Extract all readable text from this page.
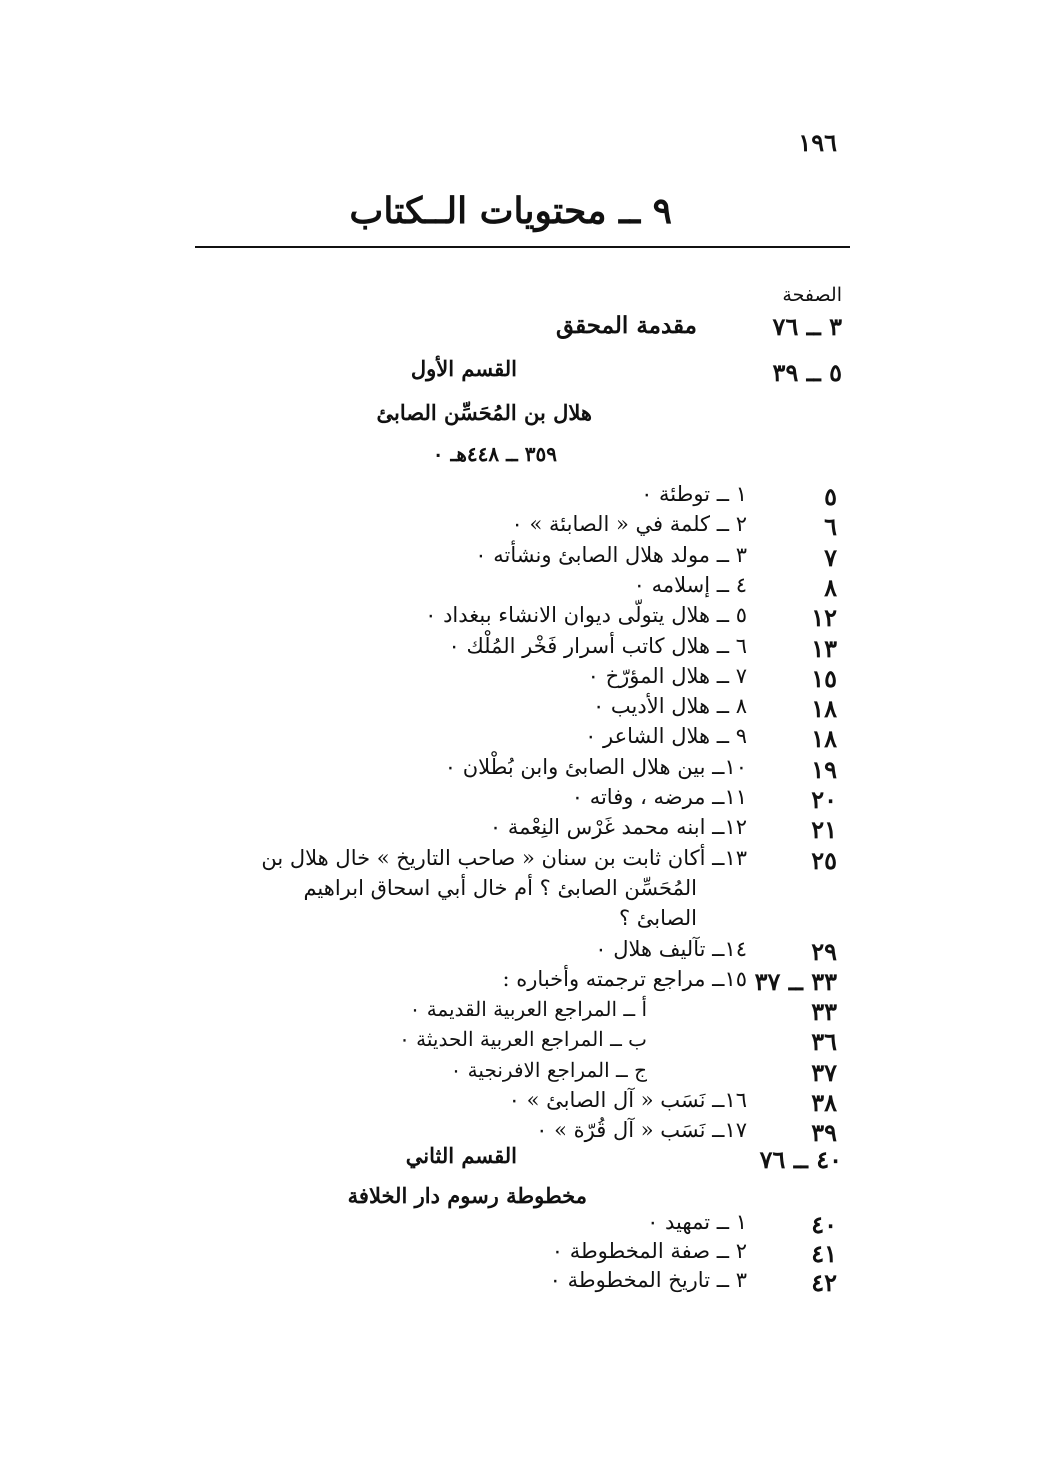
١٩٦
٩ ــ محتويات الــكتاب
الصفحة
٣ ــ ٧٦
مقدمة المحقق
٥ ــ ٣٩
القسم الأول
هلال بن المُحَسِّن الصابئ
٣٥٩ ــ ٤٤٨هـ ٠
٥
١ ــ توطئة ٠
٦
٢ ــ كلمة في « الصابئة » ٠
٧
٣ ــ مولد هلال الصابئ ونشأته ٠
٨
٤ ــ إسلامه ٠
١٢
٥ ــ هلال يتولّى ديوان الانشاء ببغداد ٠
١٣
٦ ــ هلال كاتب أسرار فَخْر المُلْك ٠
١٥
٧ ــ هلال المؤرّخ ٠
١٨
٨ ــ هلال الأديب ٠
١٨
٩ ــ هلال الشاعر ٠
١٩
١٠ــ بين هلال الصابئ وابن بُطْلان ٠
٢٠
١١ــ مرضه ، وفاته ٠
٢١
١٢ــ ابنه محمد غَرْس النِعْمة ٠
٢٥
١٣ــ أكان ثابت بن سنان « صاحب التاريخ » خال هلال بن
المُحَسِّن الصابئ ؟ أم خال أبي اسحاق ابراهيم
الصابئ ؟
٢٩
١٤ــ تآليف هلال ٠
٣٣ ــ ٣٧
١٥ــ مراجع ترجمته وأخباره :
٣٣
أ ــ المراجع العربية القديمة ٠
٣٦
ب ــ المراجع العربية الحديثة ٠
٣٧
ج ــ المراجع الافرنجية ٠
٣٨
١٦ــ نَسَب « آل الصابئ » ٠
٣٩
١٧ــ نَسَب « آل قُرّة » ٠
٤٠ ــ ٧٦
القسم الثاني
مخطوطة رسوم دار الخلافة
٤٠
١ ــ تمهيد ٠
٤١
٢ ــ صفة المخطوطة ٠
٤٢
٣ ــ تاريخ المخطوطة ٠
